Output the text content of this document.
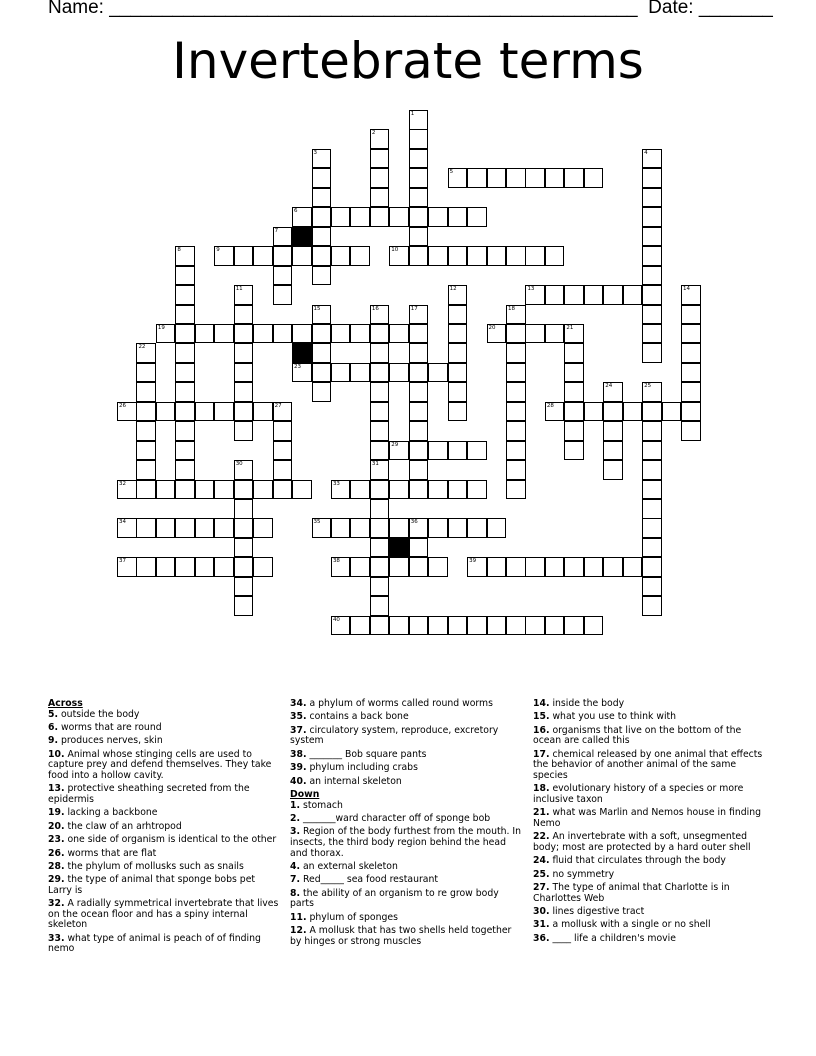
Name: __________________________________________________ Date: _______
Invertebrate terms
5
6
9	10
13
19	20	21
23
26	27	28
29
32	33
34	35	36
37	38	39
40
1
2
3	4
7
8
11	12	14
15	16	17	18
22
24	25
30	31
Across
5. outside the body
6. worms that are round
9. produces nerves, skin
10. Animal whose stinging cells are used to capture prey and defend themselves. They take food into a hollow cavity.
13. protective sheathing secreted from the epidermis
19. lacking a backbone
20. the claw of an arhtropod
23. one side of organism is identical to the other
26. worms that are flat
28. the phylum of mollusks such as snails
29. the type of animal that sponge bobs pet Larry is
32. A radially symmetrical invertebrate that lives on the ocean floor and has a spiny internal skeleton
33. what type of animal is peach of of finding nemo
34. a phylum of worms called round worms
35. contains a back bone
37. circulatory system, reproduce, excretory system
38. _______ Bob square pants
39. phylum including crabs
40. an internal skeleton
Down
1. stomach
2. _______ward character off of sponge bob
3. Region of the body furthest from the mouth. In insects, the third body region behind the head and thorax.
4. an external skeleton
7. Red_____ sea food restaurant
8. the ability of an organism to re grow body parts
11. phylum of sponges
12. A mollusk that has two shells held together by hinges or strong muscles
14. inside the body
15. what you use to think with
16. organisms that live on the bottom of the ocean are called this
17. chemical released by one animal that effects the behavior of another animal of the same species
18. evolutionary history of a species or more inclusive taxon
21. what was Marlin and Nemos house in finding Nemo
22. An invertebrate with a soft, unsegmented body; most are protected by a hard outer shell
24. fluid that circulates through the body
25. no symmetry
27. The type of animal that Charlotte is in Charlottes Web
30. lines digestive tract
31. a mollusk with a single or no shell
36. ____ life a children's movie
